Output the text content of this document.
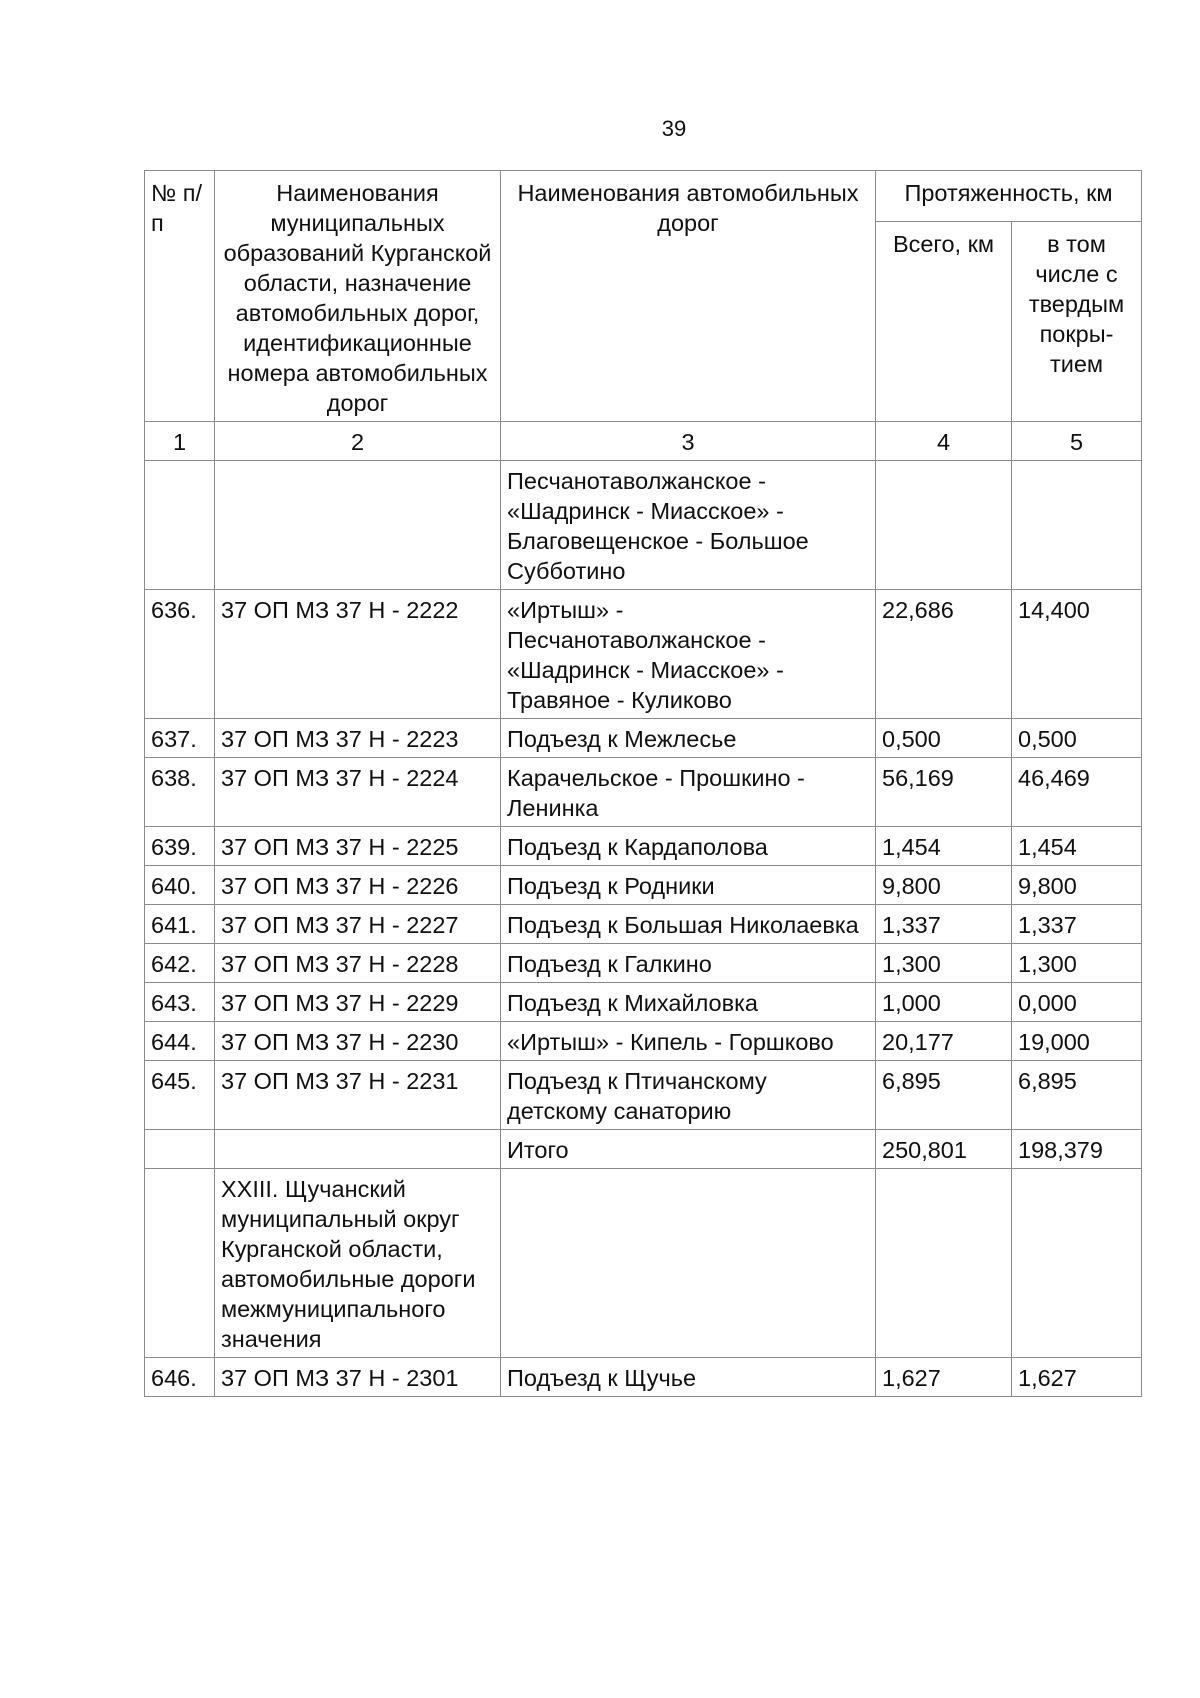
39
№ п/п	Наименования муниципальных образований Курганской области, назначение автомобильных дорог, идентификационные номера автомобильных дорог	Наименования автомобильных дорог	Протяженность, км	
			Всего, км	в том числе с твердым покры-тием
1	2	3	4	5
		Песчанотаволжанское - «Шадринск - Миасское» - Благовещенское - Большое Субботино		
636.	37 ОП МЗ 37 Н - 2222	«Иртыш» - Песчанотаволжанское - «Шадринск - Миасское» - Травяное - Куликово	22,686	14,400
637.	37 ОП МЗ 37 Н - 2223	Подъезд к Межлесье	0,500	0,500
638.	37 ОП МЗ 37 Н - 2224	Карачельское - Прошкино - Ленинка	56,169	46,469
639.	37 ОП МЗ 37 Н - 2225	Подъезд к Кардаполова	1,454	1,454
640.	37 ОП МЗ 37 Н - 2226	Подъезд к Родники	9,800	9,800
641.	37 ОП МЗ 37 Н - 2227	Подъезд к Большая Николаевка	1,337	1,337
642.	37 ОП МЗ 37 Н - 2228	Подъезд к Галкино	1,300	1,300
643.	37 ОП МЗ 37 Н - 2229	Подъезд к Михайловка	1,000	0,000
644.	37 ОП МЗ 37 Н - 2230	«Иртыш» - Кипель - Горшково	20,177	19,000
645.	37 ОП МЗ 37 Н - 2231	Подъезд к Птичанскому детскому санаторию	6,895	6,895
		Итого	250,801	198,379
	XXIII. Щучанский муниципальный округ Курганской области, автомобильные дороги межмуниципального значения			
646.	37 ОП МЗ 37 Н - 2301	Подъезд к Щучье	1,627	1,627
